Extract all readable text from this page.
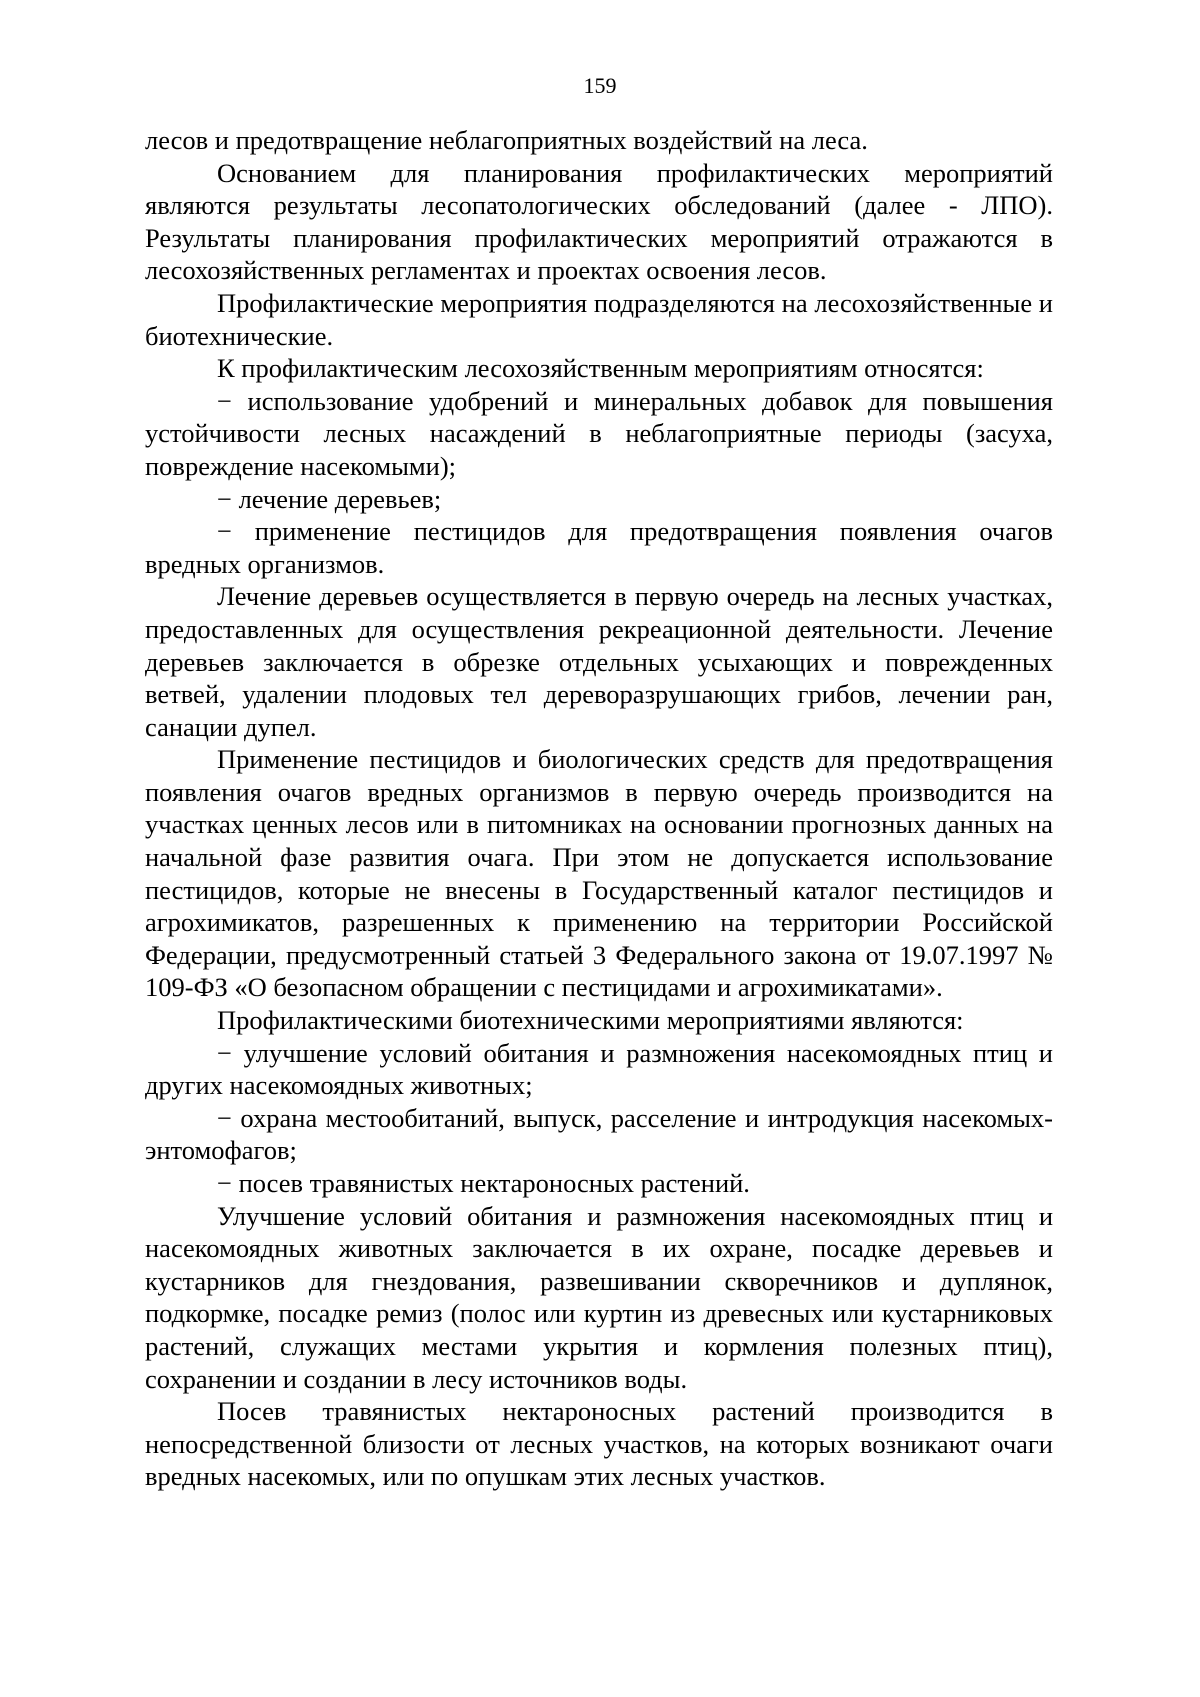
159

лесов и предотвращение неблагоприятных воздействий на леса.

Основанием для планирования профилактических мероприятий являются результаты лесопатологических обследований (далее - ЛПО). Результаты планирования профилактических мероприятий отражаются в лесохозяйственных регламентах и проектах освоения лесов.

Профилактические мероприятия подразделяются на лесохозяйственные и биотехнические.

К профилактическим лесохозяйственным мероприятиям относятся:

− использование удобрений и минеральных добавок для повышения устойчивости лесных насаждений в неблагоприятные периоды (засуха, повреждение насекомыми);

− лечение деревьев;

− применение пестицидов для предотвращения появления очагов вредных организмов.

Лечение деревьев осуществляется в первую очередь на лесных участках, предоставленных для осуществления рекреационной деятельности. Лечение деревьев заключается в обрезке отдельных усыхающих и поврежденных ветвей, удалении плодовых тел дереворазрушающих грибов, лечении ран, санации дупел.

Применение пестицидов и биологических средств для предотвращения появления очагов вредных организмов в первую очередь производится на участках ценных лесов или в питомниках на основании прогнозных данных на начальной фазе развития очага. При этом не допускается использование пестицидов, которые не внесены в Государственный каталог пестицидов и агрохимикатов, разрешенных к применению на территории Российской Федерации, предусмотренный статьей 3 Федерального закона от 19.07.1997 № 109-ФЗ «О безопасном обращении с пестицидами и агрохимикатами».

Профилактическими биотехническими мероприятиями являются:

− улучшение условий обитания и размножения насекомоядных птиц и других насекомоядных животных;

− охрана местообитаний, выпуск, расселение и интродукция насекомых-энтомофагов;

− посев травянистых нектароносных растений.

Улучшение условий обитания и размножения насекомоядных птиц и насекомоядных животных заключается в их охране, посадке деревьев и кустарников для гнездования, развешивании скворечников и дуплянок, подкормке, посадке ремиз (полос или куртин из древесных или кустарниковых растений, служащих местами укрытия и кормления полезных птиц), сохранении и создании в лесу источников воды.

Посев травянистых нектароносных растений производится в непосредственной близости от лесных участков, на которых возникают очаги вредных насекомых, или по опушкам этих лесных участков.
